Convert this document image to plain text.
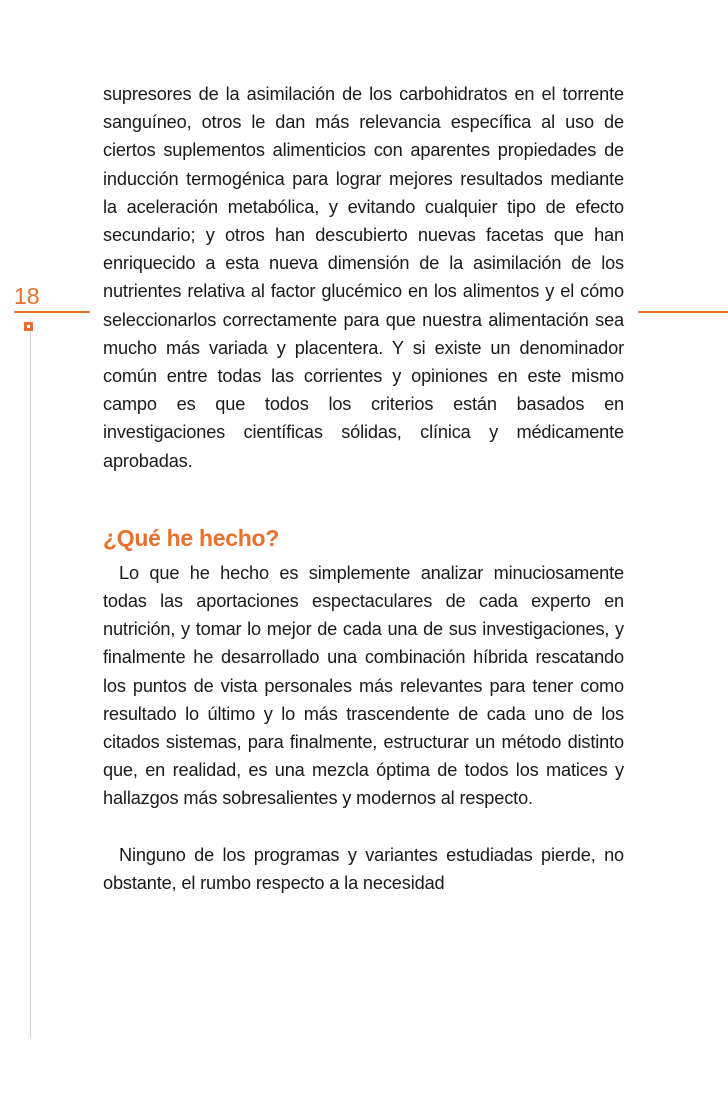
18

supresores de la asimilación de los carbohidratos en el torrente sanguíneo, otros le dan más relevancia específica al uso de ciertos suplementos alimenticios con aparentes propiedades de inducción termogénica para lograr mejores resultados mediante la aceleración metabólica, y evitando cualquier tipo de efecto secundario; y otros han descubierto nuevas facetas que han enriquecido a esta nueva dimensión de la asimilación de los nutrientes relativa al factor glucémico en los alimentos y el cómo seleccionarlos correctamente para que nuestra alimentación sea mucho más variada y placentera. Y si existe un denominador común entre todas las corrientes y opiniones en este mismo campo es que todos los criterios están basados en investigaciones científicas sólidas, clínica y médicamente aprobadas.

¿Qué he hecho?

Lo que he hecho es simplemente analizar minuciosamente todas las aportaciones espectaculares de cada experto en nutrición, y tomar lo mejor de cada una de sus investigaciones, y finalmente he desarrollado una combinación híbrida rescatando los puntos de vista personales más relevantes para tener como resultado lo último y lo más trascendente de cada uno de los citados sistemas, para finalmente, estructurar un método distinto que, en realidad, es una mezcla óptima de todos los matices y hallazgos más sobresalientes y modernos al respecto.

Ninguno de los programas y variantes estudiadas pierde, no obstante, el rumbo respecto a la necesidad
